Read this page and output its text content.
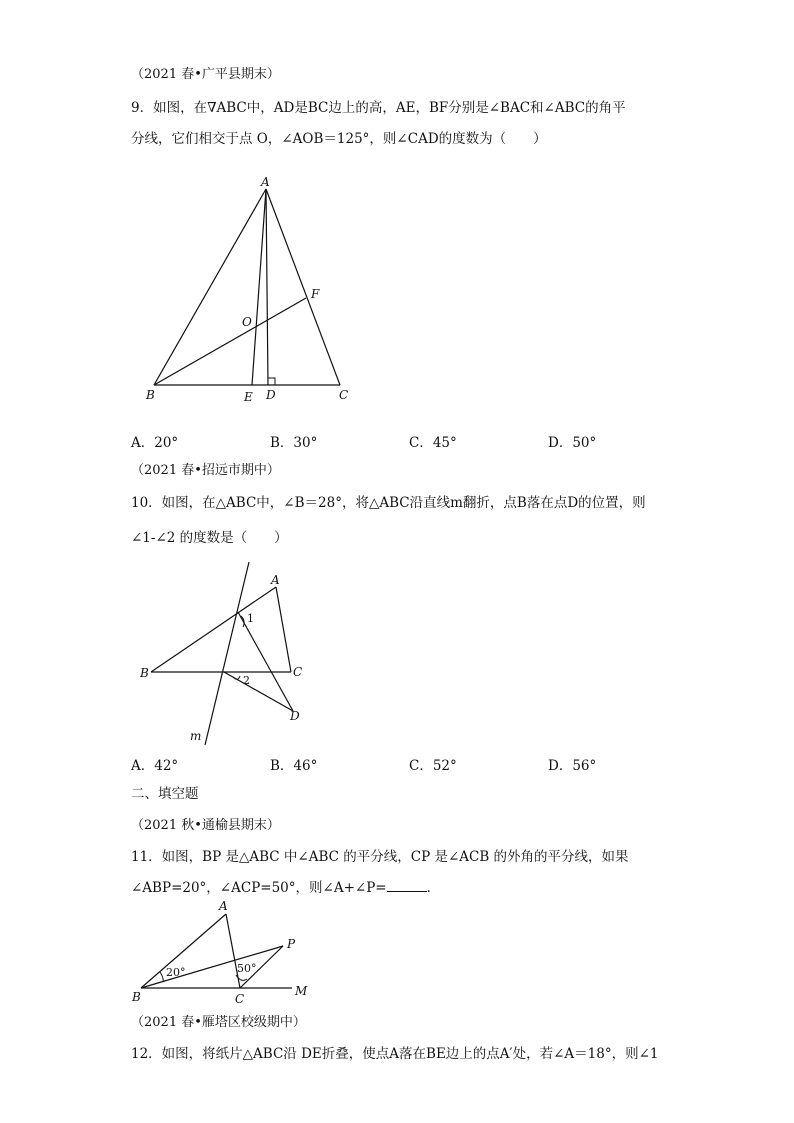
（2021 春•广平县期末）
9．如图，在∇ABC中，AD是BC边上的高，AE，BF分别是∠BAC和∠ABC的角平
分线，它们相交于点 O，∠AOB＝125°，则∠CAD的度数为（　　）
A
B	C
D
E
F
O
A．20°	B．30°	C．45°	D．50°
（2021 春•招远市期中）
10．如图，在△ABC中，∠B＝28°，将△ABC沿直线m翻折，点B落在点D的位置，则
∠1-∠2 的度数是（　　）
A
B	C
D
m
1
2
A．42°	B．46°	C．52°	D．56°
二、填空题
（2021 秋•通榆县期末）
11．如图，BP 是△ABC 中∠ABC 的平分线，CP 是∠ACB 的外角的平分线，如果
∠ABP=20°，∠ACP=50°，则∠A+∠P=	．
A
B	C
P
M
20°	50°
（2021 春•雁塔区校级期中）
12．如图，将纸片△ABC沿 DE折叠，使点A落在BE边上的点A′处，若∠A＝18°，则∠1
